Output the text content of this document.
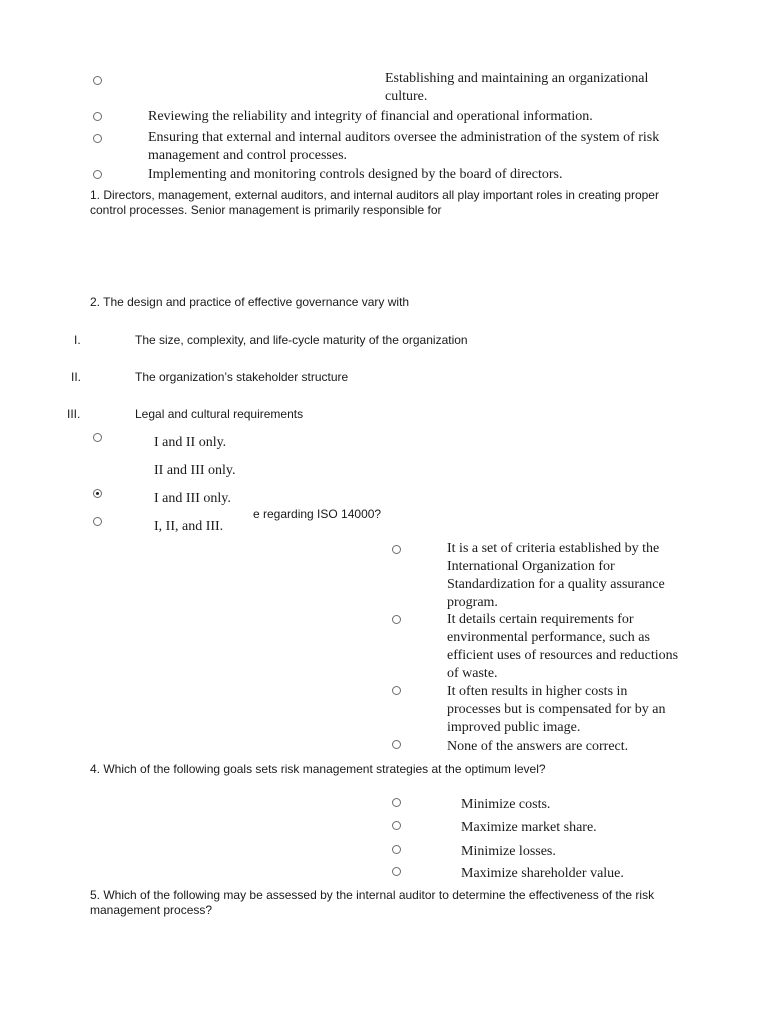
Establishing and maintaining an organizational culture.
Reviewing the reliability and integrity of financial and operational information.
Ensuring that external and internal auditors oversee the administration of the system of risk management and control processes.
Implementing and monitoring controls designed by the board of directors.
1. Directors, management, external auditors, and internal auditors all play important roles in creating proper control processes. Senior management is primarily responsible for
2. The design and practice of effective governance vary with
I.	The size, complexity, and life-cycle maturity of the organization
II.	The organization’s stakeholder structure
III.	Legal and cultural requirements
I and II only.
II and III only.
I and III only.
e regarding ISO 14000?
I, II, and III.
It is a set of criteria established by the International Organization for Standardization for a quality assurance program.
It details certain requirements for environmental performance, such as efficient uses of resources and reductions of waste.
It often results in higher costs in processes but is compensated for by an improved public image.
None of the answers are correct.
4. Which of the following goals sets risk management strategies at the optimum level?
Minimize costs.
Maximize market share.
Minimize losses.
Maximize shareholder value.
5. Which of the following may be assessed by the internal auditor to determine the effectiveness of the risk management process?
